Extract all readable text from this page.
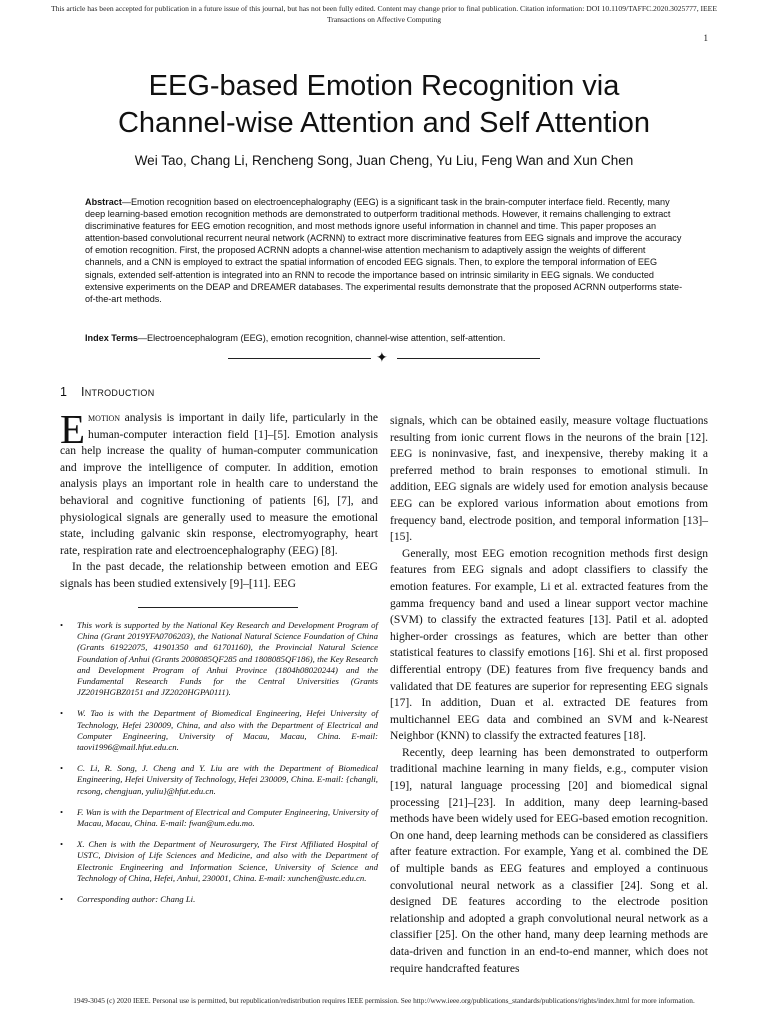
This article has been accepted for publication in a future issue of this journal, but has not been fully edited. Content may change prior to final publication. Citation information: DOI 10.1109/TAFFC.2020.3025777, IEEE
Transactions on Affective Computing
1
EEG-based Emotion Recognition via
Channel-wise Attention and Self Attention
Wei Tao, Chang Li, Rencheng Song, Juan Cheng, Yu Liu, Feng Wan and Xun Chen
Abstract—Emotion recognition based on electroencephalography (EEG) is a significant task in the brain-computer interface field. Recently, many deep learning-based emotion recognition methods are demonstrated to outperform traditional methods. However, it remains challenging to extract discriminative features for EEG emotion recognition, and most methods ignore useful information in channel and time. This paper proposes an attention-based convolutional recurrent neural network (ACRNN) to extract more discriminative features from EEG signals and improve the accuracy of emotion recognition. First, the proposed ACRNN adopts a channel-wise attention mechanism to adaptively assign the weights of different channels, and a CNN is employed to extract the spatial information of encoded EEG signals. Then, to explore the temporal information of EEG signals, extended self-attention is integrated into an RNN to recode the importance based on intrinsic similarity in EEG signals. We conducted extensive experiments on the DEAP and DREAMER databases. The experimental results demonstrate that the proposed ACRNN outperforms state-of-the-art methods.
Index Terms—Electroencephalogram (EEG), emotion recognition, channel-wise attention, self-attention.
✦
1 Introduction

Emotion analysis is important in daily life, particularly in the human-computer interaction field [1]–[5]. Emotion analysis can help increase the quality of human-computer communication and improve the intelligence of computer. In addition, emotion analysis plays an important role in health care to understand the behavioral and cognitive functioning of patients [6], [7], and physiological signals are generally used to measure the emotional state, including galvanic skin response, electromyography, heart rate, respiration rate and electroencephalography (EEG) [8].

In the past decade, the relationship between emotion and EEG signals has been studied extensively [9]–[11]. EEG

• This work is supported by the National Key Research and Development Program of China (Grant 2019YFA0706203), the National Natural Science Foundation of China (Grants 61922075, 41901350 and 61701160), the Provincial Natural Science Foundation of Anhui (Grants 2008085QF285 and 1808085QF186), the Key Research and Development Program of Anhui Province (1804h08020244) and the Fundamental Research Funds for the Central Universities (Grants JZ2019HGBZ0151 and JZ2020HGPA0111).
• W. Tao is with the Department of Biomedical Engineering, Hefei University of Technology, Hefei 230009, China, and also with the Department of Electrical and Computer Engineering, University of Macau, Macau, China. E-mail: taovi1996@mail.hfut.edu.cn.
• C. Li, R. Song, J. Cheng and Y. Liu are with the Department of Biomedical Engineering, Hefei University of Technology, Hefei 230009, China. E-mail: {changli, rcsong, chengjuan, yuliu}@hfut.edu.cn.
• F. Wan is with the Department of Electrical and Computer Engineering, University of Macau, Macau, China. E-mail: fwan@um.edu.mo.
• X. Chen is with the Department of Neurosurgery, The First Affiliated Hospital of USTC, Division of Life Sciences and Medicine, and also with the Department of Electronic Engineering and Information Science, University of Science and Technology of China, Hefei, Anhui, 230001, China. E-mail: xunchen@ustc.edu.cn.
• Corresponding author: Chang Li.

signals, which can be obtained easily, measure voltage fluctuations resulting from ionic current flows in the neurons of the brain [12]. EEG is noninvasive, fast, and inexpensive, thereby making it a preferred method to brain responses to emotional stimuli. In addition, EEG signals are widely used for emotion analysis because EEG can be explored various information about emotions from frequency band, electrode position, and temporal information [13]–[15].

Generally, most EEG emotion recognition methods first design features from EEG signals and adopt classifiers to classify the emotion features. For example, Li et al. extracted features from the gamma frequency band and used a linear support vector machine (SVM) to classify the extracted features [13]. Patil et al. adopted higher-order crossings as features, which are better than other statistical features to classify emotions [16]. Shi et al. first proposed differential entropy (DE) features from five frequency bands and validated that DE features are superior for representing EEG signals [17]. In addition, Duan et al. extracted DE features from multichannel EEG data and combined an SVM and k-Nearest Neighbor (KNN) to classify the extracted features [18].

Recently, deep learning has been demonstrated to outperform traditional machine learning in many fields, e.g., computer vision [19], natural language processing [20] and biomedical signal processing [21]–[23]. In addition, many deep learning-based methods have been widely used for EEG-based emotion recognition. On one hand, deep learning methods can be considered as classifiers after feature extraction. For example, Yang et al. combined the DE of multiple bands as EEG features and employed a continuous convolutional neural network as a classifier [24]. Song et al. designed DE features according to the electrode position relationship and adopted a graph convolutional neural network as a classifier [25]. On the other hand, many deep learning methods are data-driven and function in an end-to-end manner, which does not require handcrafted features

1949-3045 (c) 2020 IEEE. Personal use is permitted, but republication/redistribution requires IEEE permission. See http://www.ieee.org/publications_standards/publications/rights/index.html for more information.
